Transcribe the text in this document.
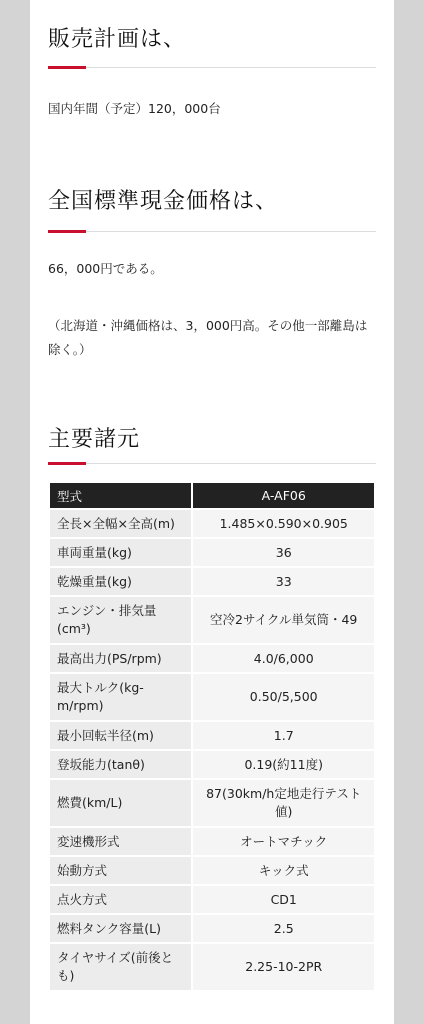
販売計画は、

国内年間（予定）120，000台

全国標準現金価格は、

66，000円である。

（北海道・沖縄価格は、3，000円高。その他一部離島は除く。）

主要諸元
型式	A-AF06
全長×全幅×全高(m)	1.485×0.590×0.905
車両重量(kg)	36
乾燥重量(kg)	33
エンジン・排気量(cm³)	空冷2サイクル単気筒・49
最高出力(PS/rpm)	4.0/6,000
最大トルク(kg-m/rpm)	0.50/5,500
最小回転半径(m)	1.7
登坂能力(tanθ)	0.19(約11度)
燃費(km/L)	87(30km/h定地走行テスト値)
変速機形式	オートマチック
始動方式	キック式
点火方式	CD1
燃料タンク容量(L)	2.5
タイヤサイズ(前後とも)	2.25-10-2PR
